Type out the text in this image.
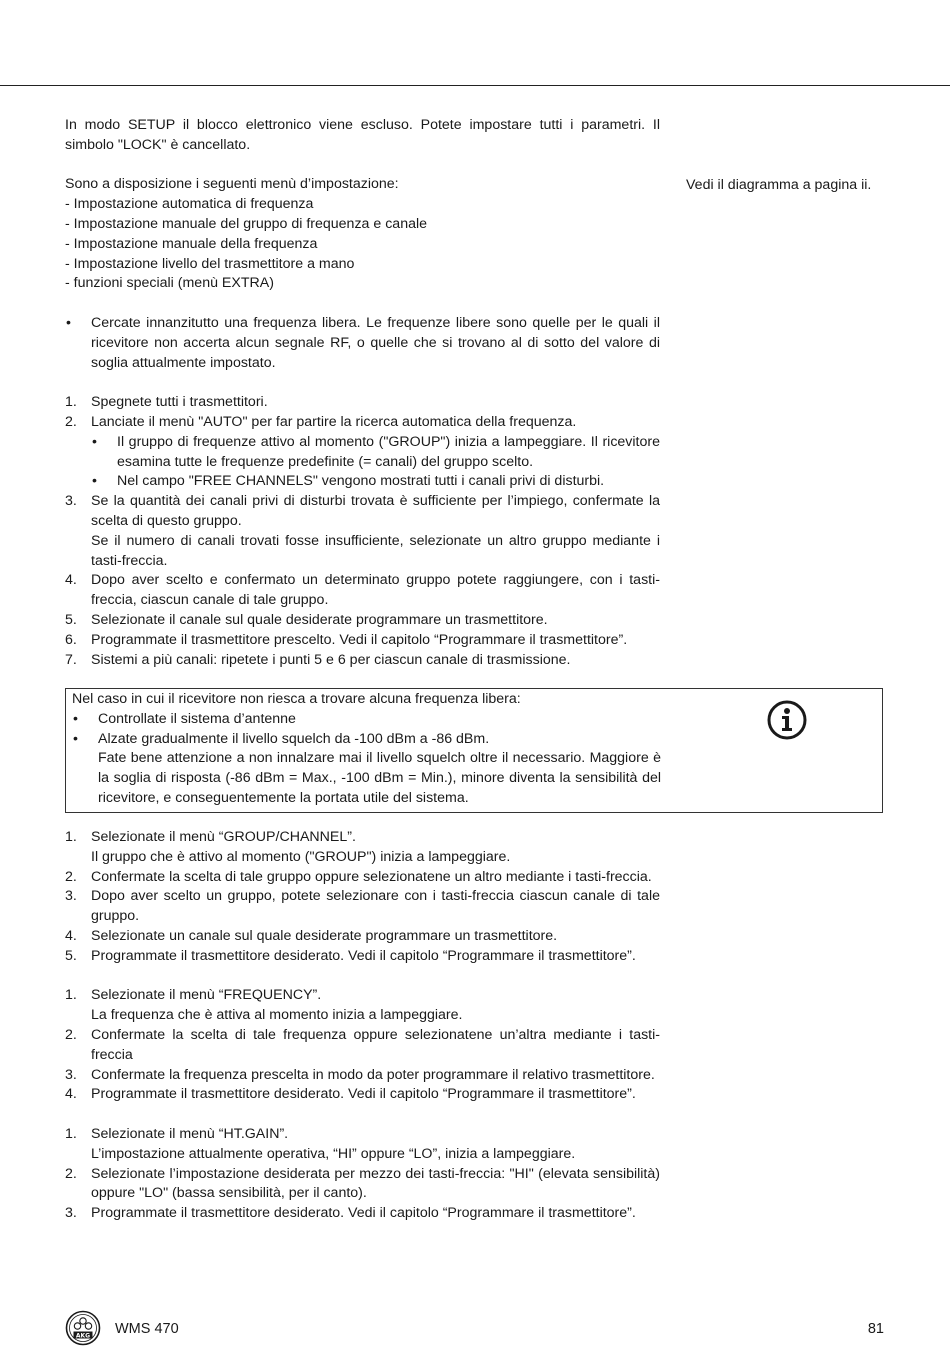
In modo SETUP il blocco elettronico viene escluso. Potete impostare tutti i parametri. Il simbolo "LOCK" è cancellato.

Sono a disposizione i seguenti menù d’impostazione:

- Impostazione automatica di frequenza
- Impostazione manuale del gruppo di frequenza e canale
- Impostazione manuale della frequenza
- Impostazione livello del trasmettitore a mano
- funzioni speciali (menù EXTRA)
• Cercate innanzitutto una frequenza libera. Le frequenze libere sono quelle per le quali il ricevitore non accerta alcun segnale RF, o quelle che si trovano al di sotto del valore di soglia attualmente impostato.
1. Spegnete tutti i trasmettitori.
2. Lanciate il menù "AUTO" per far partire la ricerca automatica della frequenza.
• Il gruppo di frequenze attivo al momento ("GROUP") inizia a lampeggiare. Il ricevitore esamina tutte le frequenze predefinite (= canali) del gruppo scelto.
• Nel campo "FREE CHANNELS" vengono mostrati tutti i canali privi di disturbi.
3. Se la quantità dei canali privi di disturbi trovata è sufficiente per l’impiego, confermate la scelta di questo gruppo.
Se il numero di canali trovati fosse insufficiente, selezionate un altro gruppo mediante i tasti-freccia.
4. Dopo aver scelto e confermato un determinato gruppo potete raggiungere, con i tasti-freccia, ciascun canale di tale gruppo.
5. Selezionate il canale sul quale desiderate programmare un trasmettitore.
6. Programmate il trasmettitore prescelto. Vedi il capitolo “Programmare il trasmettitore”.
7. Sistemi a più canali: ripetete i punti 5 e 6 per ciascun canale di trasmissione.
Vedi il diagramma a pagina ii.

Nel caso in cui il ricevitore non riesca a trovare alcuna frequenza libera:

• Controllate il sistema d’antenne
• Alzate gradualmente il livello squelch da -100 dBm a -86 dBm.
Fate bene attenzione a non innalzare mai il livello squelch oltre il necessario. Maggiore è la soglia di risposta (-86 dBm = Max., -100 dBm = Min.), minore diventa la sensibilità del ricevitore, e conseguentemente la portata utile del sistema.
1. Selezionate il menù “GROUP/CHANNEL”.
Il gruppo che è attivo al momento ("GROUP") inizia a lampeggiare.
2. Confermate la scelta di tale gruppo oppure selezionatene un altro mediante i tasti-freccia.
3. Dopo aver scelto un gruppo, potete selezionare con i tasti-freccia ciascun canale di tale gruppo.
4. Selezionate un canale sul quale desiderate programmare un trasmettitore.
5. Programmate il trasmettitore desiderato. Vedi il capitolo “Programmare il trasmettitore”.
1. Selezionate il menù “FREQUENCY”.
La frequenza che è attiva al momento inizia a lampeggiare.
2. Confermate la scelta di tale frequenza oppure selezionatene un’altra mediante i tasti-freccia
3. Confermate la frequenza prescelta in modo da poter programmare il relativo trasmettitore.
4. Programmate il trasmettitore desiderato. Vedi il capitolo “Programmare il trasmettitore”.
1. Selezionate il menù “HT.GAIN”.
L’impostazione attualmente operativa, “HI” oppure “LO”, inizia a lampeggiare.
2. Selezionate l’impostazione desiderata per mezzo dei tasti-freccia: "HI" (elevata sensibilità) oppure "LO" (bassa sensibilità, per il canto).
3. Programmate il trasmettitore desiderato. Vedi il capitolo “Programmare il trasmettitore”.
AKG WMS 470	81
